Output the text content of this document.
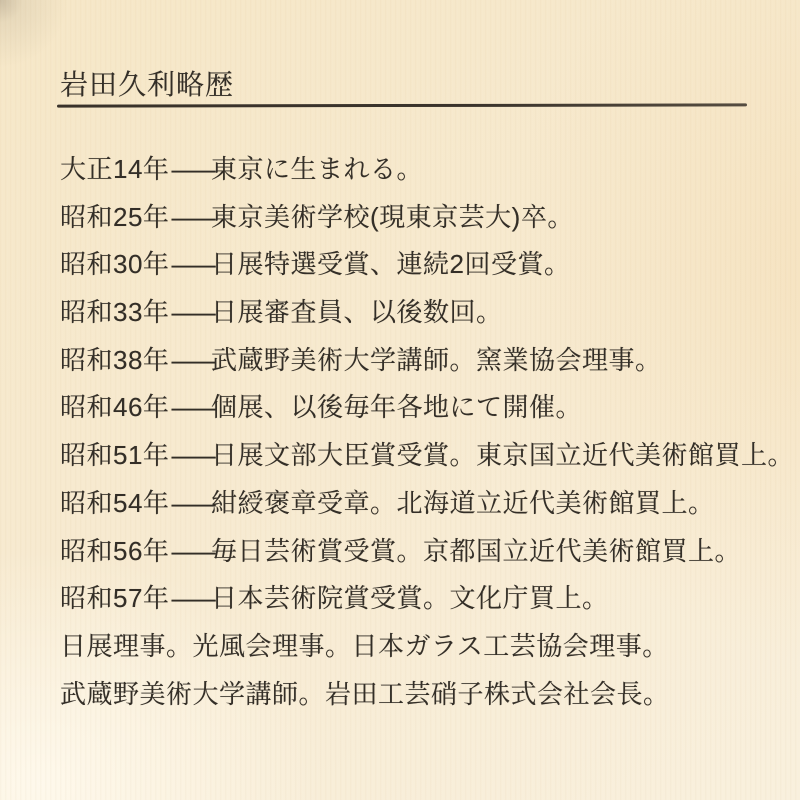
岩田久利略歴
大正14年—東京に生まれる。
昭和25年—東京美術学校(現東京芸大)卒。
昭和30年—日展特選受賞、連続2回受賞。
昭和33年—日展審査員、以後数回。
昭和38年—武蔵野美術大学講師。窯業協会理事。
昭和46年—個展、以後毎年各地にて開催。
昭和51年—日展文部大臣賞受賞。東京国立近代美術館買上。
昭和54年—紺綬褒章受章。北海道立近代美術館買上。
昭和56年—毎日芸術賞受賞。京都国立近代美術館買上。
昭和57年—日本芸術院賞受賞。文化庁買上。
日展理事。光風会理事。日本ガラス工芸協会理事。
武蔵野美術大学講師。岩田工芸硝子株式会社会長。
